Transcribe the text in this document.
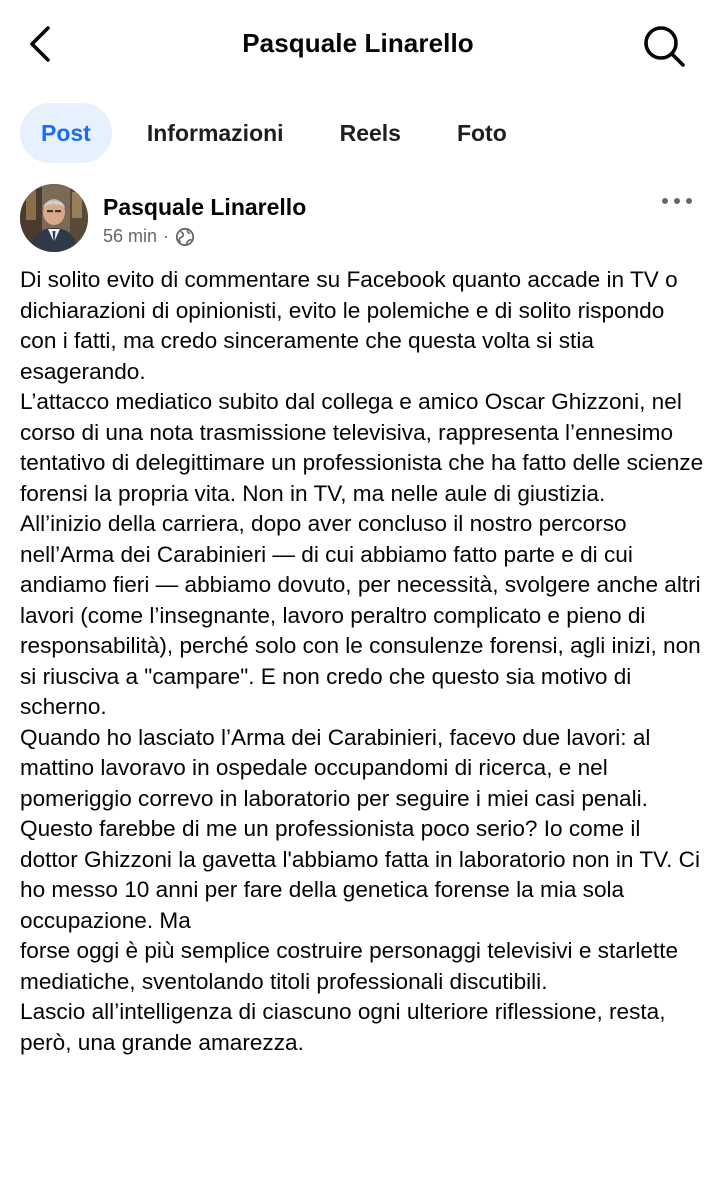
Pasquale Linarello
Post	Informazioni	Reels	Foto
Pasquale Linarello
56 min ·

Di solito evito di commentare su Facebook quanto accade in TV o dichiarazioni di opinionisti, evito le polemiche e di solito rispondo con i fatti, ma credo sinceramente che questa volta si stia esagerando.

L’attacco mediatico subito dal collega e amico Oscar Ghizzoni, nel corso di una nota trasmissione televisiva, rappresenta l’ennesimo tentativo di delegittimare un professionista che ha fatto delle scienze forensi la propria vita. Non in TV, ma nelle aule di giustizia.

All’inizio della carriera, dopo aver concluso il nostro percorso nell’Arma dei Carabinieri — di cui abbiamo fatto parte e di cui andiamo fieri — abbiamo dovuto, per necessità, svolgere anche altri lavori (come l’insegnante, lavoro peraltro complicato e pieno di responsabilità), perché solo con le consulenze forensi, agli inizi, non si riusciva a "campare". E non credo che questo sia motivo di scherno.

Quando ho lasciato l’Arma dei Carabinieri, facevo due lavori: al mattino lavoravo in ospedale occupandomi di ricerca, e nel pomeriggio correvo in laboratorio per seguire i miei casi penali. Questo farebbe di me un professionista poco serio? Io come il dottor Ghizzoni la gavetta l'abbiamo fatta in laboratorio non in TV. Ci ho messo 10 anni per fare della genetica forense la mia sola occupazione. Ma

forse oggi è più semplice costruire personaggi televisivi e starlette mediatiche, sventolando titoli professionali discutibili.

Lascio all’intelligenza di ciascuno ogni ulteriore riflessione, resta, però, una grande amarezza.
